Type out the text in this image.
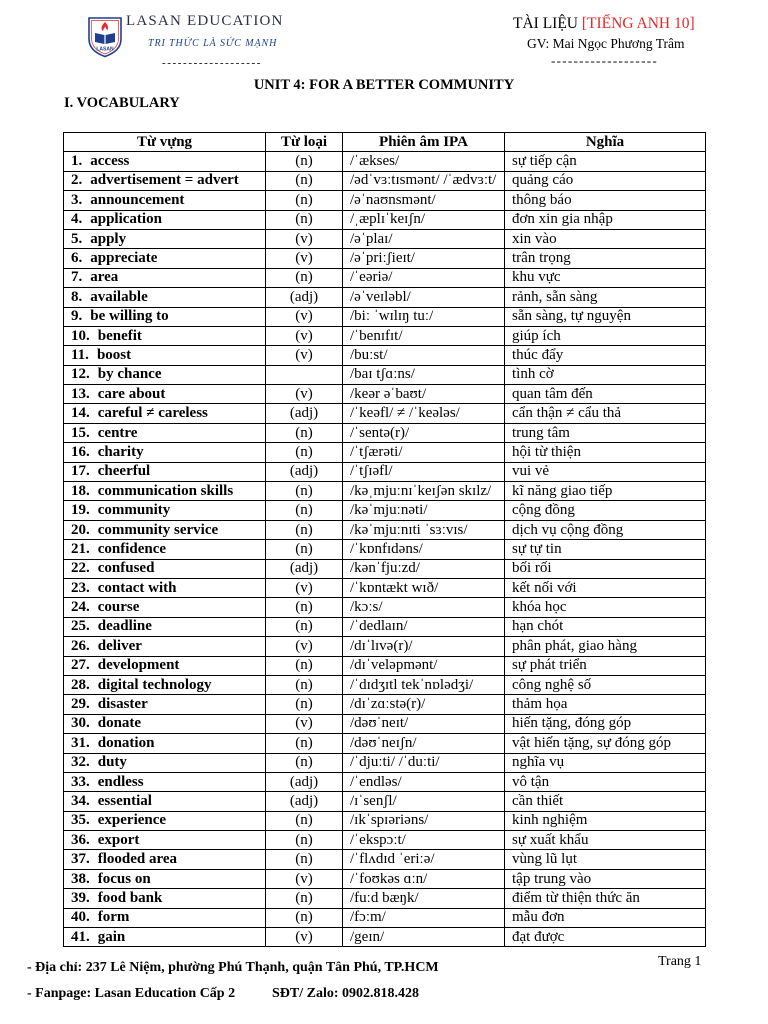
LASAN
LASAN EDUCATION
TRI THỨC LÀ SỨC MẠNH
-------------------
TÀI LIỆU [TIẾNG ANH 10]
GV: Mai Ngọc Phương Trâm
-------------------
UNIT 4: FOR A BETTER COMMUNITY
I. VOCABULARY
Từ vựng	Từ loại	Phiên âm IPA	Nghĩa
1. access	(n)	/ˈækses/	sự tiếp cận
2. advertisement = advert	(n)	/ədˈvɜːtɪsmənt/ /ˈædvɜːt/	quảng cáo
3. announcement	(n)	/əˈnaʊnsmənt/	thông báo
4. application	(n)	/ˌæplɪˈkeɪʃn/	đơn xin gia nhập
5. apply	(v)	/əˈplaɪ/	xin vào
6. appreciate	(v)	/əˈpriːʃieɪt/	trân trọng
7. area	(n)	/ˈeəriə/	khu vực
8. available	(adj)	/əˈveɪləbl/	rảnh, sẵn sàng
9. be willing to	(v)	/biː ˈwɪlɪŋ tuː/	sẵn sàng, tự nguyện
10. benefit	(v)	/ˈbenɪfɪt/	giúp ích
11. boost	(v)	/buːst/	thúc đẩy
12. by chance		/baɪ tʃɑːns/	tình cờ
13. care about	(v)	/keər əˈbaʊt/	quan tâm đến
14. careful ≠ careless	(adj)	/ˈkeəfl/ ≠ /ˈkeələs/	cẩn thận ≠ cẩu thả
15. centre	(n)	/ˈsentə(r)/	trung tâm
16. charity	(n)	/ˈtʃærəti/	hội từ thiện
17. cheerful	(adj)	/ˈtʃɪəfl/	vui vẻ
18. communication skills	(n)	/kəˌmjuːnɪˈkeɪʃən skɪlz/	kĩ năng giao tiếp
19. community	(n)	/kəˈmjuːnəti/	cộng đồng
20. community service	(n)	/kəˈmjuːnɪti ˈsɜːvɪs/	dịch vụ cộng đồng
21. confidence	(n)	/ˈkɒnfɪdəns/	sự tự tin
22. confused	(adj)	/kənˈfjuːzd/	bối rối
23. contact with	(v)	/ˈkɒntækt wɪð/	kết nối với
24. course	(n)	/kɔːs/	khóa học
25. deadline	(n)	/ˈdedlaɪn/	hạn chót
26. deliver	(v)	/dɪˈlɪvə(r)/	phân phát, giao hàng
27. development	(n)	/dɪˈveləpmənt/	sự phát triển
28. digital technology	(n)	/ˈdɪdʒɪtl tekˈnɒlədʒi/	công nghệ số
29. disaster	(n)	/dɪˈzɑːstə(r)/	thảm họa
30. donate	(v)	/dəʊˈneɪt/	hiến tặng, đóng góp
31. donation	(n)	/dəʊˈneɪʃn/	vật hiến tặng, sự đóng góp
32. duty	(n)	/ˈdjuːti/ /ˈduːti/	nghĩa vụ
33. endless	(adj)	/ˈendləs/	vô tận
34. essential	(adj)	/ɪˈsenʃl/	cần thiết
35. experience	(n)	/ɪkˈspɪəriəns/	kinh nghiệm
36. export	(n)	/ˈekspɔːt/	sự xuất khẩu
37. flooded area	(n)	/ˈflʌdɪd ˈeriːə/	vùng lũ lụt
38. focus on	(v)	/ˈfoʊkəs ɑːn/	tập trung vào
39. food bank	(n)	/fuːd bæŋk/	điểm từ thiện thức ăn
40. form	(n)	/fɔːm/	mẫu đơn
41. gain	(v)	/geɪn/	đạt được
Trang 1
- Địa chỉ: 237 Lê Niệm, phường Phú Thạnh, quận Tân Phú, TP.HCM
- Fanpage: Lasan Education Cấp 2	SĐT/ Zalo: 0902.818.428
